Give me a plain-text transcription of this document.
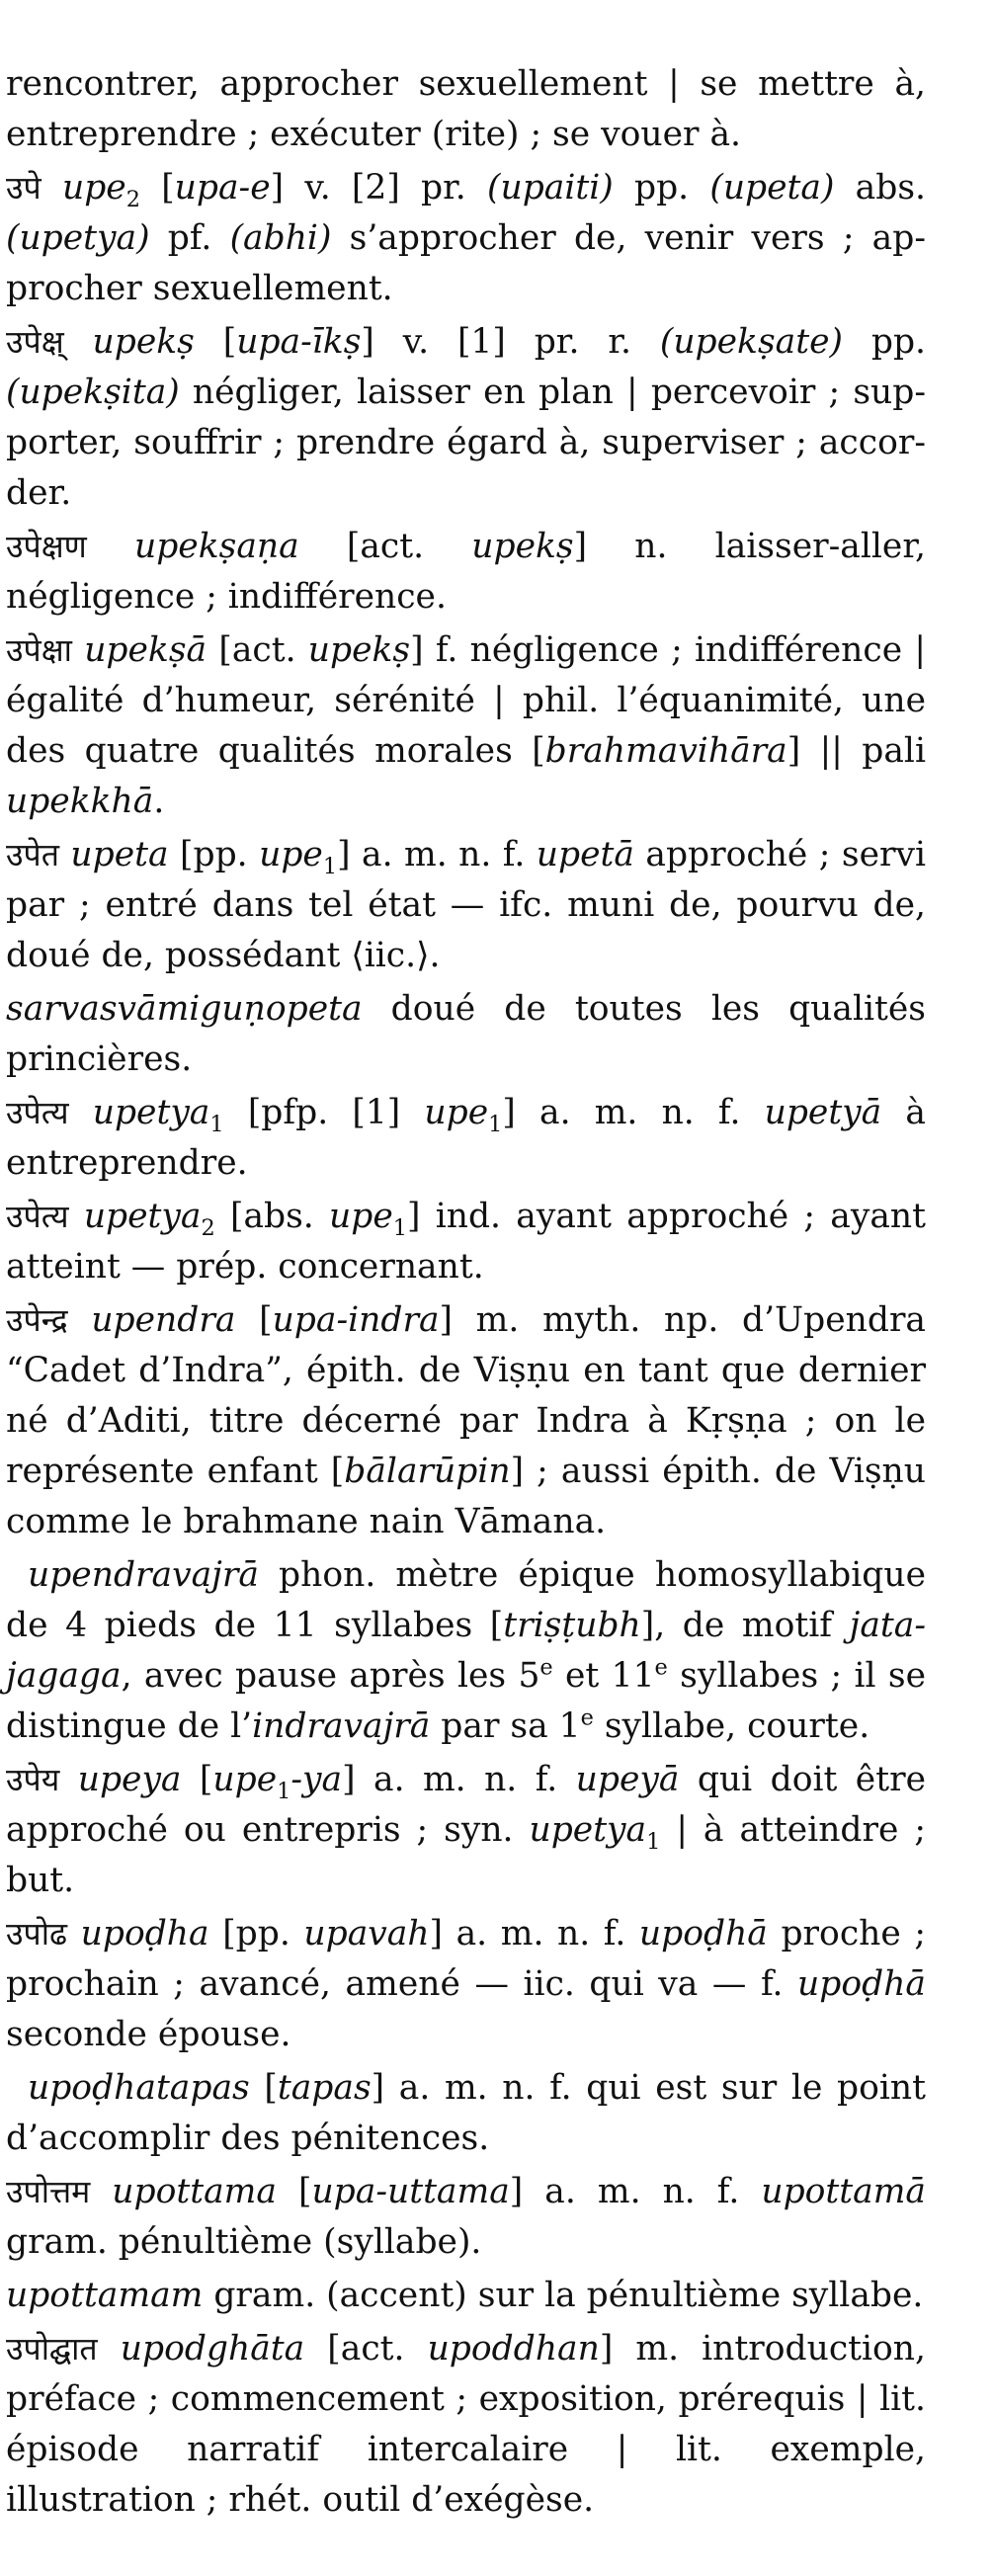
rencontrer, approcher sexuellement | se mettre à, entreprendre ; exécuter (rite) ; se vouer à.

उपे upe$_2$ [upa-e] v. [2] pr. (upaiti) pp. (upeta) abs. (upetya) pf. (abhi) s’approcher de, venir vers ; approcher sexuellement.

उपेक्ष् upekṣ [upa-īkṣ] v. [1] pr. r. (upekṣate) pp. (upekṣita) négliger, laisser en plan | percevoir ; supporter, souffrir ; prendre égard à, superviser ; accorder.

उपेक्षण upekṣaṇa [act. upekṣ] n. laisser-aller, négligence ; indifférence.

उपेक्षा upekṣā [act. upekṣ] f. négligence ; indifférence | égalité d’humeur, sérénité | phil. l’équanimité, une des quatre qualités morales [brahmavihāra] || pali upekkhā.

उपेत upeta [pp. upe$_1$] a. m. n. f. upetā approché ; servi par ; entré dans tel état — ifc. muni de, pourvu de, doué de, possédant ⟨iic.⟩.

sarvasvāmiguṇopeta doué de toutes les qualités princières.

उपेत्य upetya$_1$ [pfp. [1] upe$_1$] a. m. n. f. upetyā à entreprendre.

उपेत्य upetya$_2$ [abs. upe$_1$] ind. ayant approché ; ayant atteint — prép. concernant.

उपेन्द्र upendra [upa-indra] m. myth. np. d’Upendra “Cadet d’Indra”, épith. de Viṣṇu en tant que dernier né d’Aditi, titre décerné par Indra à Kṛṣṇa ; on le représente enfant [bālarūpin] ; aussi épith. de Viṣṇu comme le brahmane nain Vāmana.

upendravajrā phon. mètre épique homosyllabique de 4 pieds de 11 syllabes [triṣṭubh], de motif jatajagaga, avec pause après les 5e et 11e syllabes ; il se distingue de l’indravajrā par sa 1e syllabe, courte.

उपेय upeya [upe$_1$-ya] a. m. n. f. upeyā qui doit être approché ou entrepris ; syn. upetya$_1$ | à atteindre ; but.

उपोढ upoḍha [pp. upavah] a. m. n. f. upoḍhā proche ; prochain ; avancé, amené — iic. qui va — f. upoḍhā seconde épouse.

upoḍhatapas [tapas] a. m. n. f. qui est sur le point d’accomplir des pénitences.

उपोत्तम upottama [upa-uttama] a. m. n. f. upottamā gram. pénultième (syllabe).

upottamam gram. (accent) sur la pénultième syllabe.

उपोद्घात upodghāta [act. upoddhan] m. introduction, préface ; commencement ; exposition, prérequis | lit. épisode narratif intercalaire | lit. exemple, illustration ; rhét. outil d’exégèse.
